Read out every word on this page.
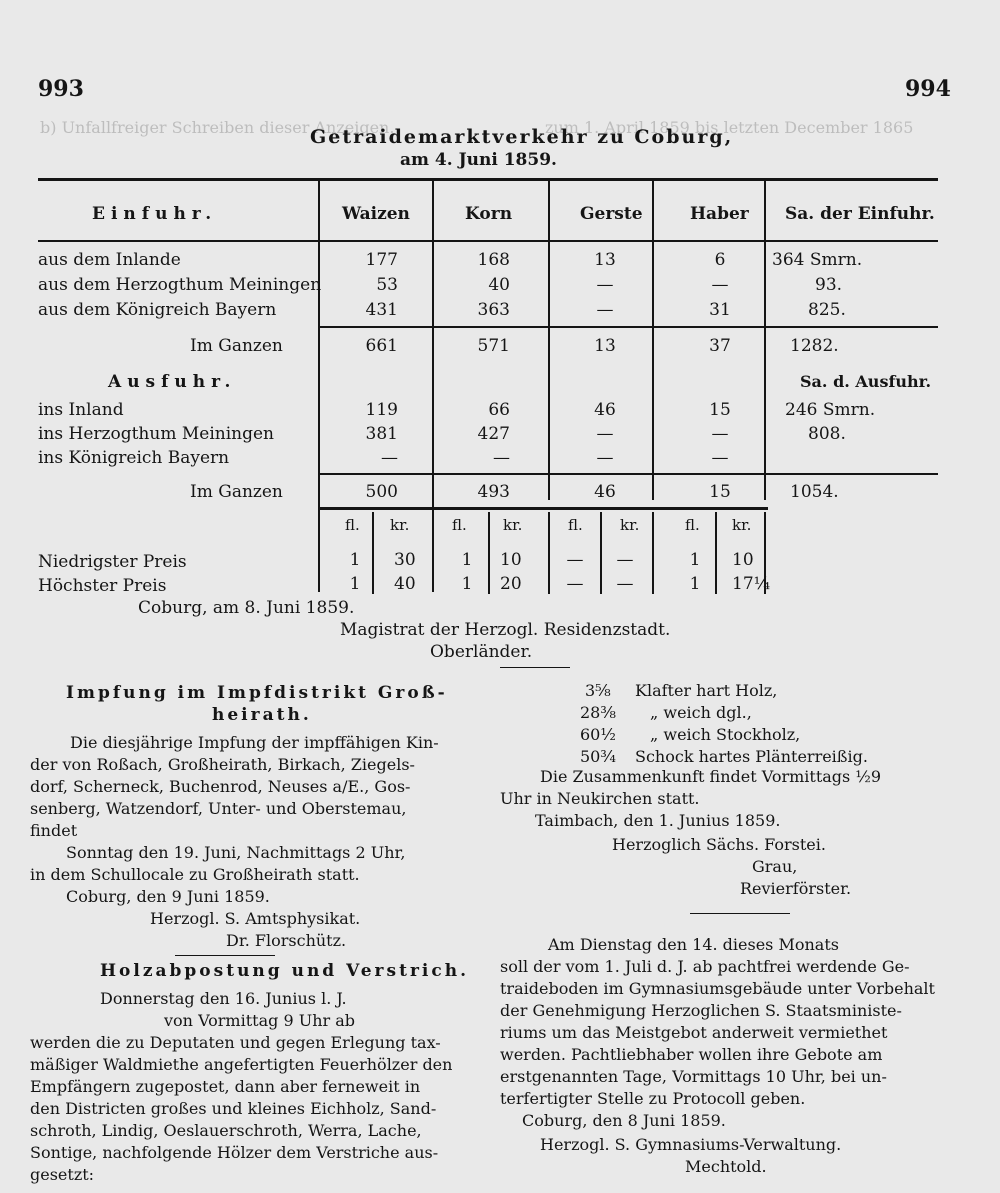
zum 1. April 1859 bis letzten December 1865
b) Unfallfreiger Schreiben dieser Anzeigen.
993	994
Getraidemarktverkehr zu Coburg,
am 4. Juni 1859.
Einfuhr.	Waizen	Korn	Gerste	Haber Sa. der Einfuhr.
aus dem Inlande	177	168	13	6	364 Smrn.
aus dem Herzogthum Meiningen	53	40	—	—	93.
aus dem Königreich Bayern	431	363	—	31	825.
Im Ganzen	661	571	13	37	1282.
Ausfuhr.	Sa. d. Ausfuhr.
ins Inland	119	66	46	15	246 Smrn.
ins Herzogthum Meiningen	381	427	—	—	808.
ins Königreich Bayern	—	—	—	—
Im Ganzen	500	493	46	15	1054.
fl. kr.	fl. kr.	fl. kr.	fl. kr.
Niedrigster Preis	1	30	1	10	—	—	1	10
Höchster Preis	1	40	1	20	—	—	1	17¼
Coburg, am 8. Juni 1859.
Magistrat der Herzogl. Residenzstadt.
Oberländer.
Impfung im Impfdistrikt Groß-
heirath.
Die diesjährige Impfung der impffähigen Kin-
der von Roßach, Großheirath, Birkach, Ziegels-
dorf, Scherneck, Buchenrod, Neuses a/E., Gos-
senberg, Watzendorf, Unter- und Oberstemau,
findet
Sonntag den 19. Juni, Nachmittags 2 Uhr,
in dem Schullocale zu Großheirath statt.
Coburg, den 9 Juni 1859.
Herzogl. S. Amtsphysikat.
Dr. Florschütz.
Holzabpostung und Verstrich.
Donnerstag den 16. Junius l. J.
von Vormittag 9 Uhr ab
werden die zu Deputaten und gegen Erlegung tax-
mäßiger Waldmiethe angefertigten Feuerhölzer den
Empfängern zugepostet, dann aber ferneweit in
den Districten großes und kleines Eichholz, Sand-
schroth, Lindig, Oeslauerschroth, Werra, Lache,
Sontige, nachfolgende Hölzer dem Verstriche aus-
gesetzt:
3⁵⁄₈ Klafter hart Holz,
28³⁄₈ „ weich dgl.,
60¹⁄₂ „ weich Stockholz,
50³⁄₄ Schock hartes Plänterreißig.
Die Zusammenkunft findet Vormittags ½9
Uhr in Neukirchen statt.
Taimbach, den 1. Junius 1859.
Herzoglich Sächs. Forstei.
Grau,
Revierförster.
Am Dienstag den 14. dieses Monats
soll der vom 1. Juli d. J. ab pachtfrei werdende Ge-
traideboden im Gymnasiumsgebäude unter Vorbehalt
der Genehmigung Herzoglichen S. Staatsministe-
riums um das Meistgebot anderweit vermiethet
werden. Pachtliebhaber wollen ihre Gebote am
erstgenannten Tage, Vormittags 10 Uhr, bei un-
terfertigter Stelle zu Protocoll geben.
Coburg, den 8 Juni 1859.
Herzogl. S. Gymnasiums-Verwaltung.
Mechtold.
